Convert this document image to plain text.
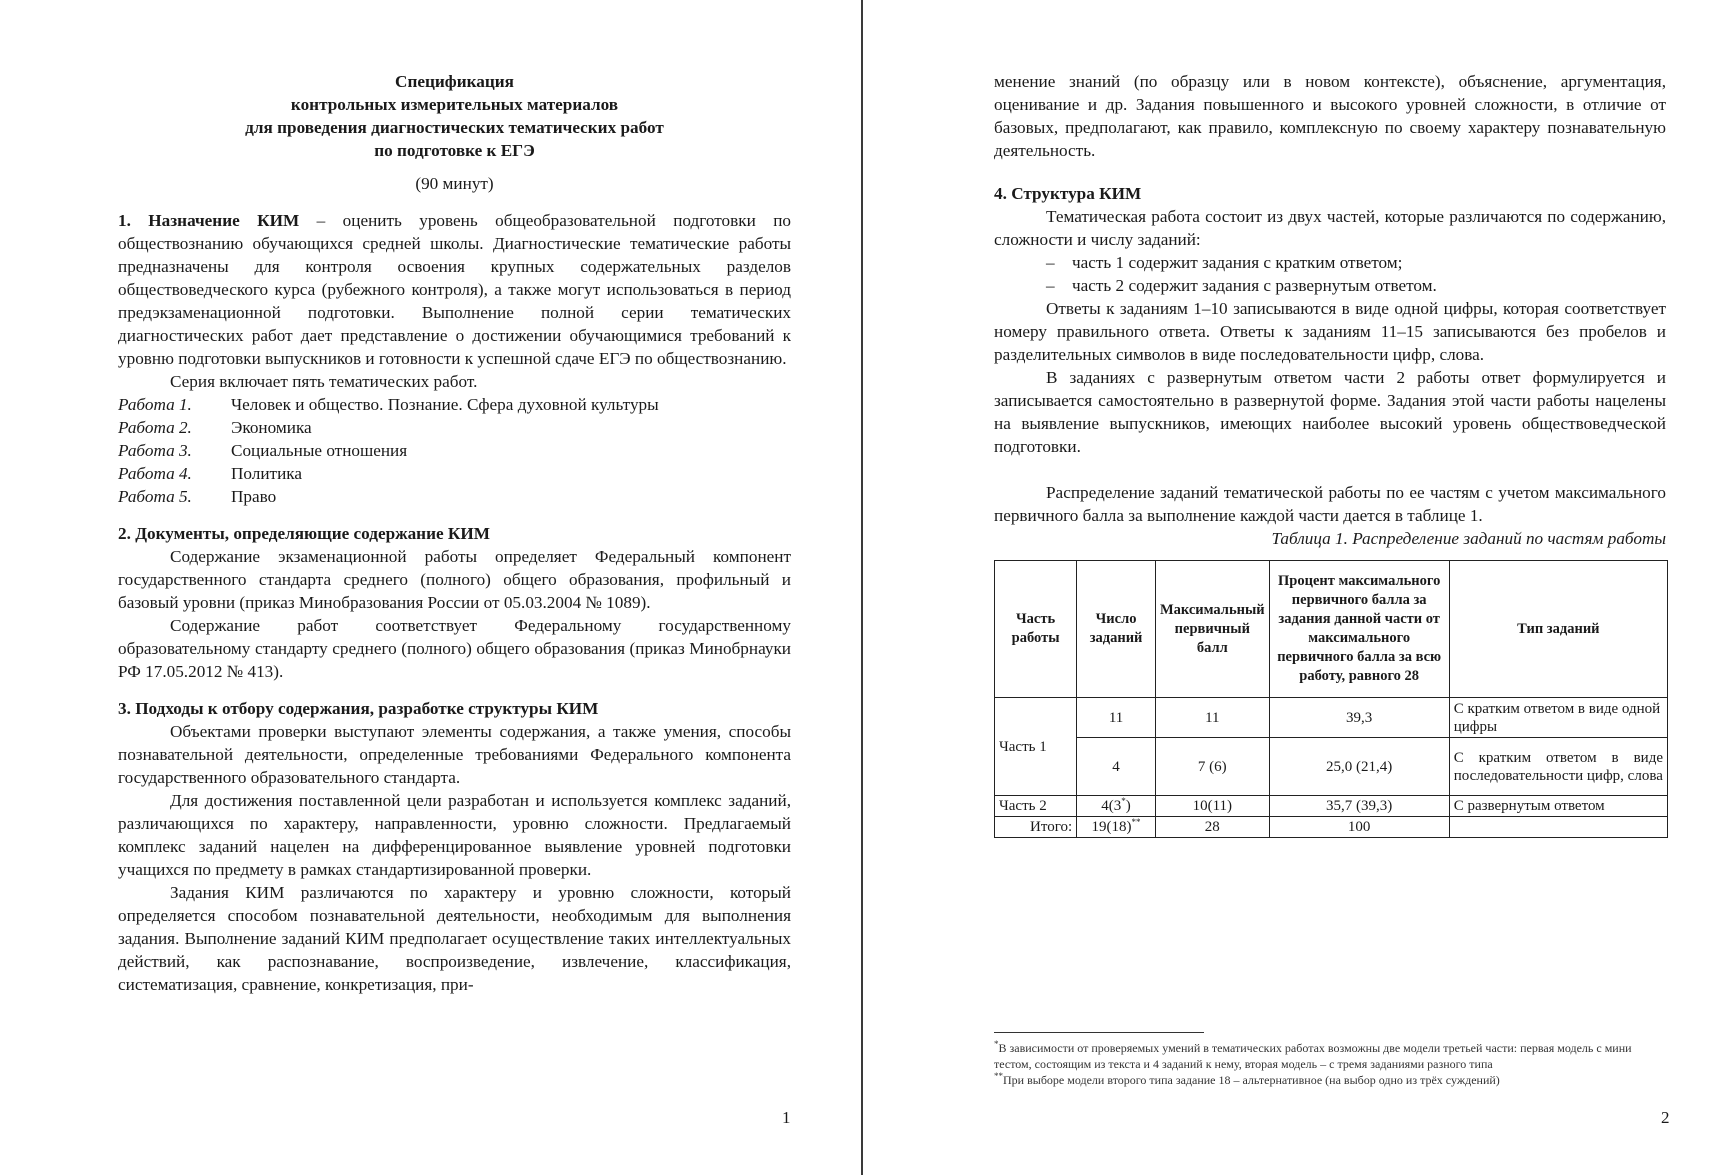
Спецификация
контрольных измерительных материалов
для проведения диагностических тематических работ
по подготовке к ЕГЭ
(90 минут)

1. Назначение КИМ – оценить уровень общеобразовательной подготовки по обществознанию обучающихся средней школы. Диагностические тематические работы предназначены для контроля освоения крупных содержательных разделов обществоведческого курса (рубежного контроля), а также могут использоваться в период предэкзаменационной подготовки. Выполнение полной серии тематических диагностических работ дает представление о достижении обучающимися требований к уровню подготовки выпускников и готовности к успешной сдаче ЕГЭ по обществознанию.

Серия включает пять тематических работ.

Работа 1.	Человек и общество. Познание. Сфера духовной культуры
Работа 2.	Экономика
Работа 3.	Социальные отношения
Работа 4.	Политика
Работа 5.	Право

2. Документы, определяющие содержание КИМ

Содержание экзаменационной работы определяет Федеральный компонент государственного стандарта среднего (полного) общего образования, профильный и базовый уровни (приказ Минобразования России от 05.03.2004 № 1089).

Содержание работ соответствует Федеральному государственному образовательному стандарту среднего (полного) общего образования (приказ Минобрнауки РФ 17.05.2012 № 413).

3. Подходы к отбору содержания, разработке структуры КИМ

Объектами проверки выступают элементы содержания, а также умения, способы познавательной деятельности, определенные требованиями Федерального компонента государственного образовательного стандарта.

Для достижения поставленной цели разработан и используется комплекс заданий, различающихся по характеру, направленности, уровню сложности. Предлагаемый комплекс заданий нацелен на дифференцированное выявление уровней подготовки учащихся по предмету в рамках стандартизированной проверки.

Задания КИМ различаются по характеру и уровню сложности, который определяется способом познавательной деятельности, необходимым для выполнения задания. Выполнение заданий КИМ предполагает осуществление таких интеллектуальных действий, как распознавание, воспроизведение, извлечение, классификация, систематизация, сравнение, конкретизация, при-

1

менение знаний (по образцу или в новом контексте), объяснение, аргументация, оценивание и др. Задания повышенного и высокого уровней сложности, в отличие от базовых, предполагают, как правило, комплексную по своему характеру познавательную деятельность.

4. Структура КИМ

Тематическая работа состоит из двух частей, которые различаются по содержанию, сложности и числу заданий:

–	часть 1 содержит задания с кратким ответом;
–	часть 2 содержит задания с развернутым ответом.

Ответы к заданиям 1–10 записываются в виде одной цифры, которая соответствует номеру правильного ответа. Ответы к заданиям 11–15 записываются без пробелов и разделительных символов в виде последовательности цифр, слова.

В заданиях с развернутым ответом части 2 работы ответ формулируется и записывается самостоятельно в развернутой форме. Задания этой части работы нацелены на выявление выпускников, имеющих наиболее высокий уровень обществоведческой подготовки.

Распределение заданий тематической работы по ее частям с учетом максимального первичного балла за выполнение каждой части дается в таблице 1.

Таблица 1. Распределение заданий по частям работы

Часть работы	Число заданий	Максимальный первичный балл	Процент максимального первичного балла за задания данной части от максимального первичного балла за всю работу, равного 28	Тип заданий
Часть 1	11	11	39,3	С кратким ответом в виде одной цифры
	4	7 (6)	25,0 (21,4)	С кратким ответом в виде последовательности цифр, слова
Часть 2	4(3*)	10(11)	35,7 (39,3)	С развернутым ответом
Итого:	19(18)**	28	100	

*В зависимости от проверяемых умений в тематических работах возможны две модели третьей части: первая модель с мини тестом, состоящим из текста и 4 заданий к нему, вторая модель – с тремя заданиями разного типа

**При выборе модели второго типа задание 18 – альтернативное (на выбор одно из трёх суждений)

2
